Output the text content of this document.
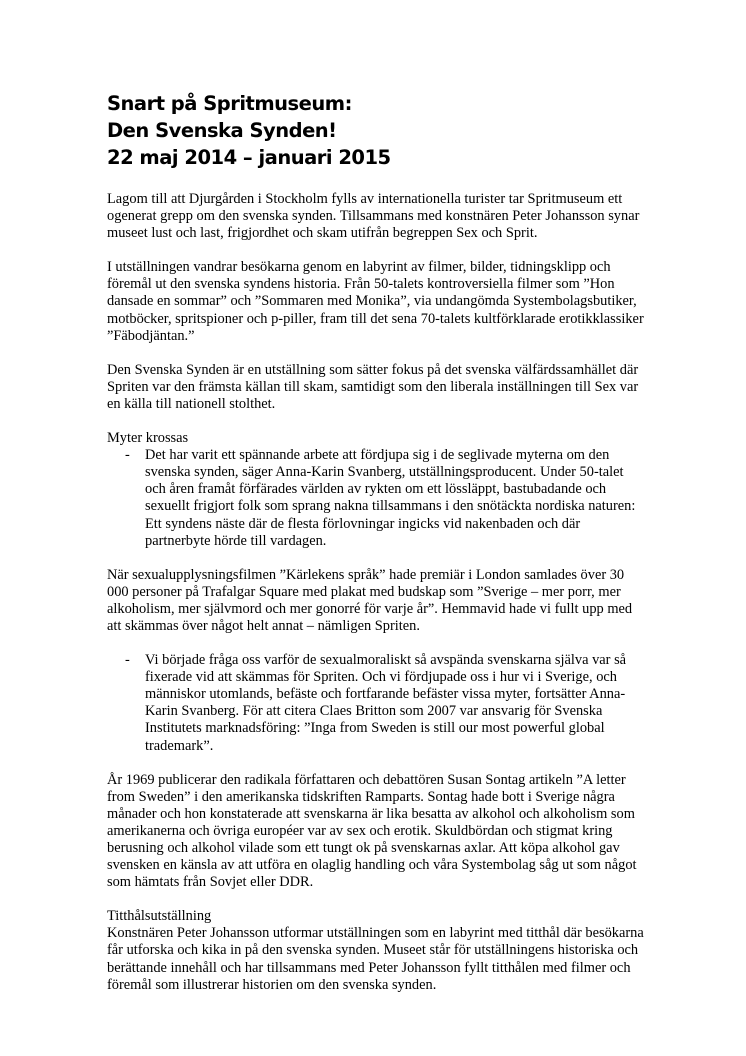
Snart på Spritmuseum:
Den Svenska Synden!
22 maj 2014 – januari 2015

Lagom till att Djurgården i Stockholm fylls av internationella turister tar Spritmuseum ett ogenerat grepp om den svenska synden. Tillsammans med konstnären Peter Johansson synar museet lust och last, frigjordhet och skam utifrån begreppen Sex och Sprit.

I utställningen vandrar besökarna genom en labyrint av filmer, bilder, tidningsklipp och föremål ut den svenska syndens historia. Från 50-talets kontroversiella filmer som ”Hon dansade en sommar” och ”Sommaren med Monika”, via undangömda Systembolagsbutiker, motböcker, spritspioner och p-piller, fram till det sena 70-talets kultförklarade erotikklassiker ”Fäbodjäntan.”

Den Svenska Synden är en utställning som sätter fokus på det svenska välfärdssamhället där Spriten var den främsta källan till skam, samtidigt som den liberala inställningen till Sex var en källa till nationell stolthet.

Myter krossas
- Det har varit ett spännande arbete att fördjupa sig i de seglivade myterna om den svenska synden, säger Anna-Karin Svanberg, utställningsproducent. Under 50-talet och åren framåt förfärades världen av rykten om ett lössläppt, bastubadande och sexuellt frigjort folk som sprang nakna tillsammans i den snötäckta nordiska naturen: Ett syndens näste där de flesta förlovningar ingicks vid nakenbaden och där partnerbyte hörde till vardagen.

När sexualupplysningsfilmen ”Kärlekens språk” hade premiär i London samlades över 30 000 personer på Trafalgar Square med plakat med budskap som ”Sverige – mer porr, mer alkoholism, mer självmord och mer gonorré för varje år”. Hemmavid hade vi fullt upp med att skämmas över något helt annat – nämligen Spriten.

- Vi började fråga oss varför de sexualmoraliskt så avspända svenskarna själva var så fixerade vid att skämmas för Spriten. Och vi fördjupade oss i hur vi i Sverige, och människor utomlands, befäste och fortfarande befäster vissa myter, fortsätter Anna-Karin Svanberg. För att citera Claes Britton som 2007 var ansvarig för Svenska Institutets marknadsföring: ”Inga from Sweden is still our most powerful global trademark”.

År 1969 publicerar den radikala författaren och debattören Susan Sontag artikeln ”A letter from Sweden” i den amerikanska tidskriften Ramparts. Sontag hade bott i Sverige några månader och hon konstaterade att svenskarna är lika besatta av alkohol och alkoholism som amerikanerna och övriga européer var av sex och erotik. Skuldbördan och stigmat kring berusning och alkohol vilade som ett tungt ok på svenskarnas axlar. Att köpa alkohol gav svensken en känsla av att utföra en olaglig handling och våra Systembolag såg ut som något som hämtats från Sovjet eller DDR.

Titthålsutställning

Konstnären Peter Johansson utformar utställningen som en labyrint med titthål där besökarna får utforska och kika in på den svenska synden. Museet står för utställningens historiska och berättande innehåll och har tillsammans med Peter Johansson fyllt titthålen med filmer och föremål som illustrerar historien om den svenska synden.
